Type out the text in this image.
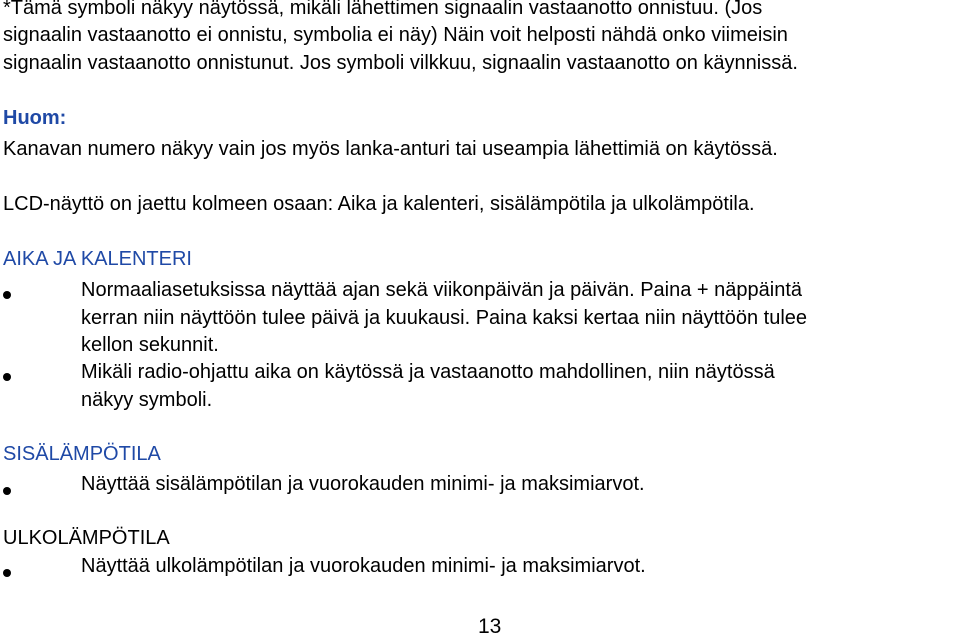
*Tämä symboli näkyy näytössä, mikäli lähettimen signaalin vastaanotto onnistuu. (Jos
signaalin vastaanotto ei onnistu, symbolia ei näy) Näin voit helposti nähdä onko viimeisin
signaalin vastaanotto onnistunut. Jos symboli vilkkuu, signaalin vastaanotto on käynnissä.
Huom:
Kanavan numero näkyy vain jos myös lanka-anturi tai useampia lähettimiä on käytössä.
LCD-näyttö on jaettu kolmeen osaan: Aika ja kalenteri, sisälämpötila ja ulkolämpötila.
AIKA JA KALENTERI
Normaaliasetuksissa näyttää ajan sekä viikonpäivän ja päivän. Paina + näppäintä
kerran niin näyttöön tulee päivä ja kuukausi. Paina kaksi kertaa niin näyttöön tulee
kellon sekunnit.
Mikäli radio-ohjattu aika on käytössä ja vastaanotto mahdollinen, niin näytössä
näkyy symboli.
SISÄLÄMPÖTILA
Näyttää sisälämpötilan ja vuorokauden minimi- ja maksimiarvot.
ULKOLÄMPÖTILA
Näyttää ulkolämpötilan ja vuorokauden minimi- ja maksimiarvot.
13
